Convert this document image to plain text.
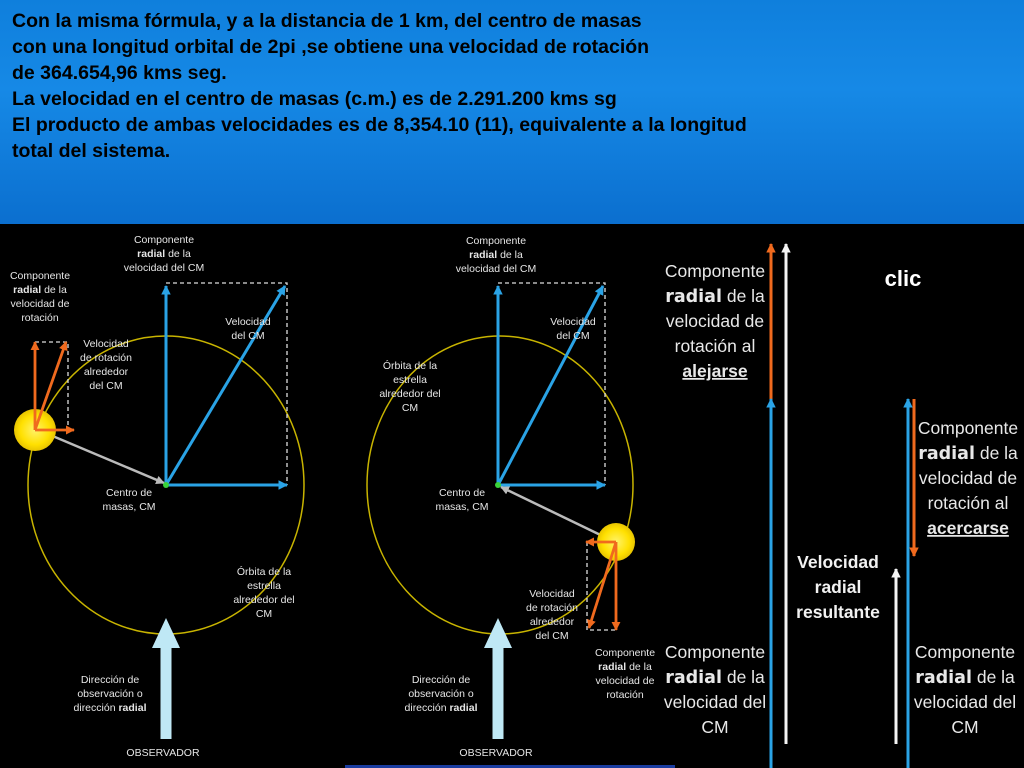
Con la misma fórmula, y a la distancia de 1 km, del centro de masas
con una longitud orbital de 2pi ,se obtiene una velocidad de rotación
de 364.654,96 kms seg.
La velocidad en el centro de masas (c.m.) es de 2.291.200 kms sg
El producto de ambas velocidades es de 8,354.10 (11), equivalente a la longitud
total del sistema.

Componente
radial de la
velocidad del CM
Componente
radial de la
velocidad de
rotación	Velocidad
del CM
Velocidad
de rotación
alrededor
del CM
Centro de
masas, CM
Órbita de la
estrella
alrededor del
CM
Dirección de
observación o
dirección radial
OBSERVADOR
Componente
radial de la
velocidad del CM
Velocidad
del CM
Órbita de la
estrella
alrededor del
CM
Centro de
masas, CM
Velocidad
de rotación
alrededor
del CM
Componente
radial de la
velocidad de
rotación
Dirección de
observación o
dirección radial
OBSERVADOR
Componente
radial de la
velocidad de
rotación al
alejarse
clic
Componente
radial de la
velocidad de
rotación al
acercarse
Velocidad
radial
resultante
Componente
radial de la
velocidad del
CM
Componente
radial de la
velocidad del
CM
